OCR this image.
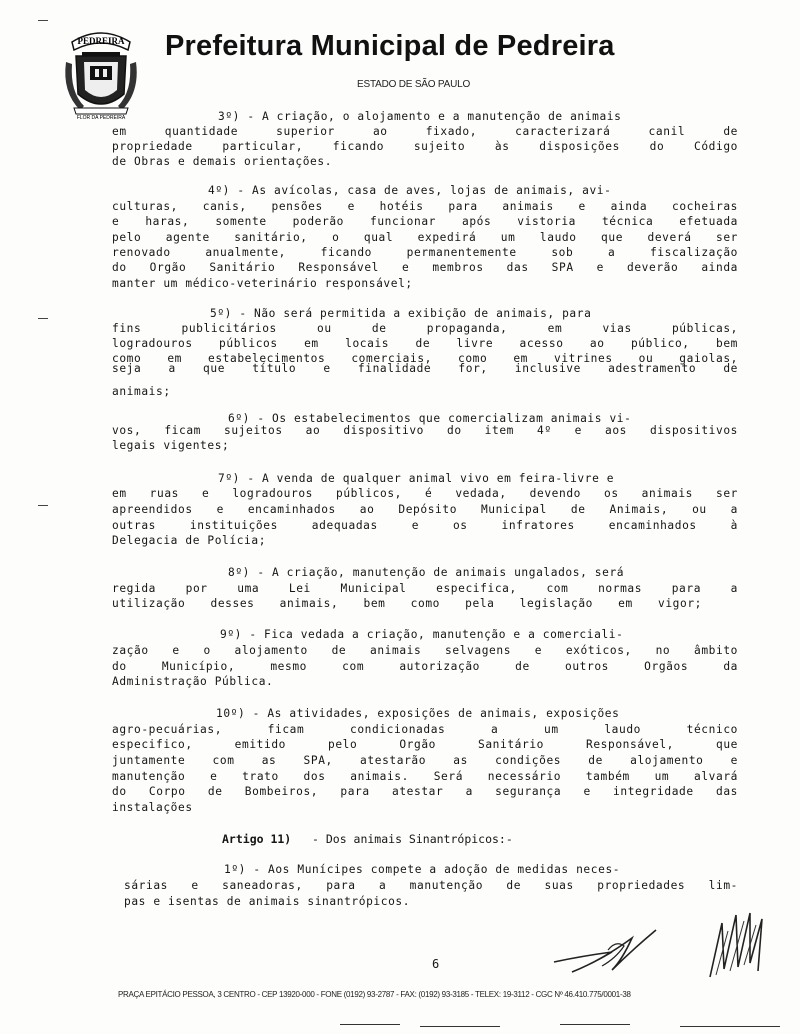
PEDREIRA
FLOR DA PEDREIRA
Prefeitura Municipal de Pedreira
ESTADO DE SÃO PAULO
3º) - A criação, o alojamento e a manutenção de animais
em quantidade superior ao fixado, caracterizará canil de
propriedade particular, ficando sujeito às disposições do Código
de Obras e demais orientações.
4º) - As avícolas, casa de aves, lojas de animais, avi-
culturas, canis, pensões e hotéis para animais e ainda cocheiras
e haras, somente poderão funcionar após vistoria técnica efetuada
pelo agente sanitário, o qual expedirá um laudo que deverá ser
renovado anualmente, ficando permanentemente sob a fiscalização
do Orgão Sanitário Responsável e membros das SPA e deverão ainda
manter um médico-veterinário responsável;
5º) - Não será permitida a exibição de animais, para
fins publicitários ou de propaganda, em vias públicas,
logradouros públicos em locais de livre acesso ao público, bem
como em estabelecimentos comerciais, como em vitrines ou gaiolas,
seja a que título e finalidade for, inclusive adestramento de
animais;
6º) - Os estabelecimentos que comercializam animais vi-
vos, ficam sujeitos ao dispositivo do item 4º e aos dispositivos
legais vigentes;
7º) - A venda de qualquer animal vivo em feira-livre e
em ruas e logradouros públicos, é vedada, devendo os animais ser
apreendidos e encaminhados ao Depósito Municipal de Animais, ou a
outras instituições adequadas e os infratores encaminhados à
Delegacia de Polícia;
8º) - A criação, manutenção de animais ungalados, será
regida por uma Lei Municipal especifica, com normas para a
utilização desses animais, bem como pela legislação em vigor;
9º) - Fica vedada a criação, manutenção e a comerciali-
zação e o alojamento de animais selvagens e exóticos, no âmbito
do Município, mesmo com autorização de outros Orgãos da
Administração Pública.
10º) - As atividades, exposições de animais, exposições
agro-pecuárias, ficam condicionadas a um laudo técnico
especifico, emitido pelo Orgão Sanitário Responsável, que
juntamente com as SPA, atestarão as condições de alojamento e
manutenção e trato dos animais. Será necessário também um alvará
do Corpo de Bombeiros, para atestar a segurança e integridade das
instalações
Artigo 11) - Dos animais Sinantrópicos:-
1º) - Aos Munícipes compete a adoção de medidas neces-
sárias e saneadoras, para a manutenção de suas propriedades lim-
pas e isentas de animais sinantrópicos.
6
PRAÇA EPITÁCIO PESSOA, 3 CENTRO - CEP 13920-000 - FONE (0192) 93-2787 - FAX: (0192) 93-3185 - TELEX: 19-3112 - CGC Nº 46.410.775/0001-38
